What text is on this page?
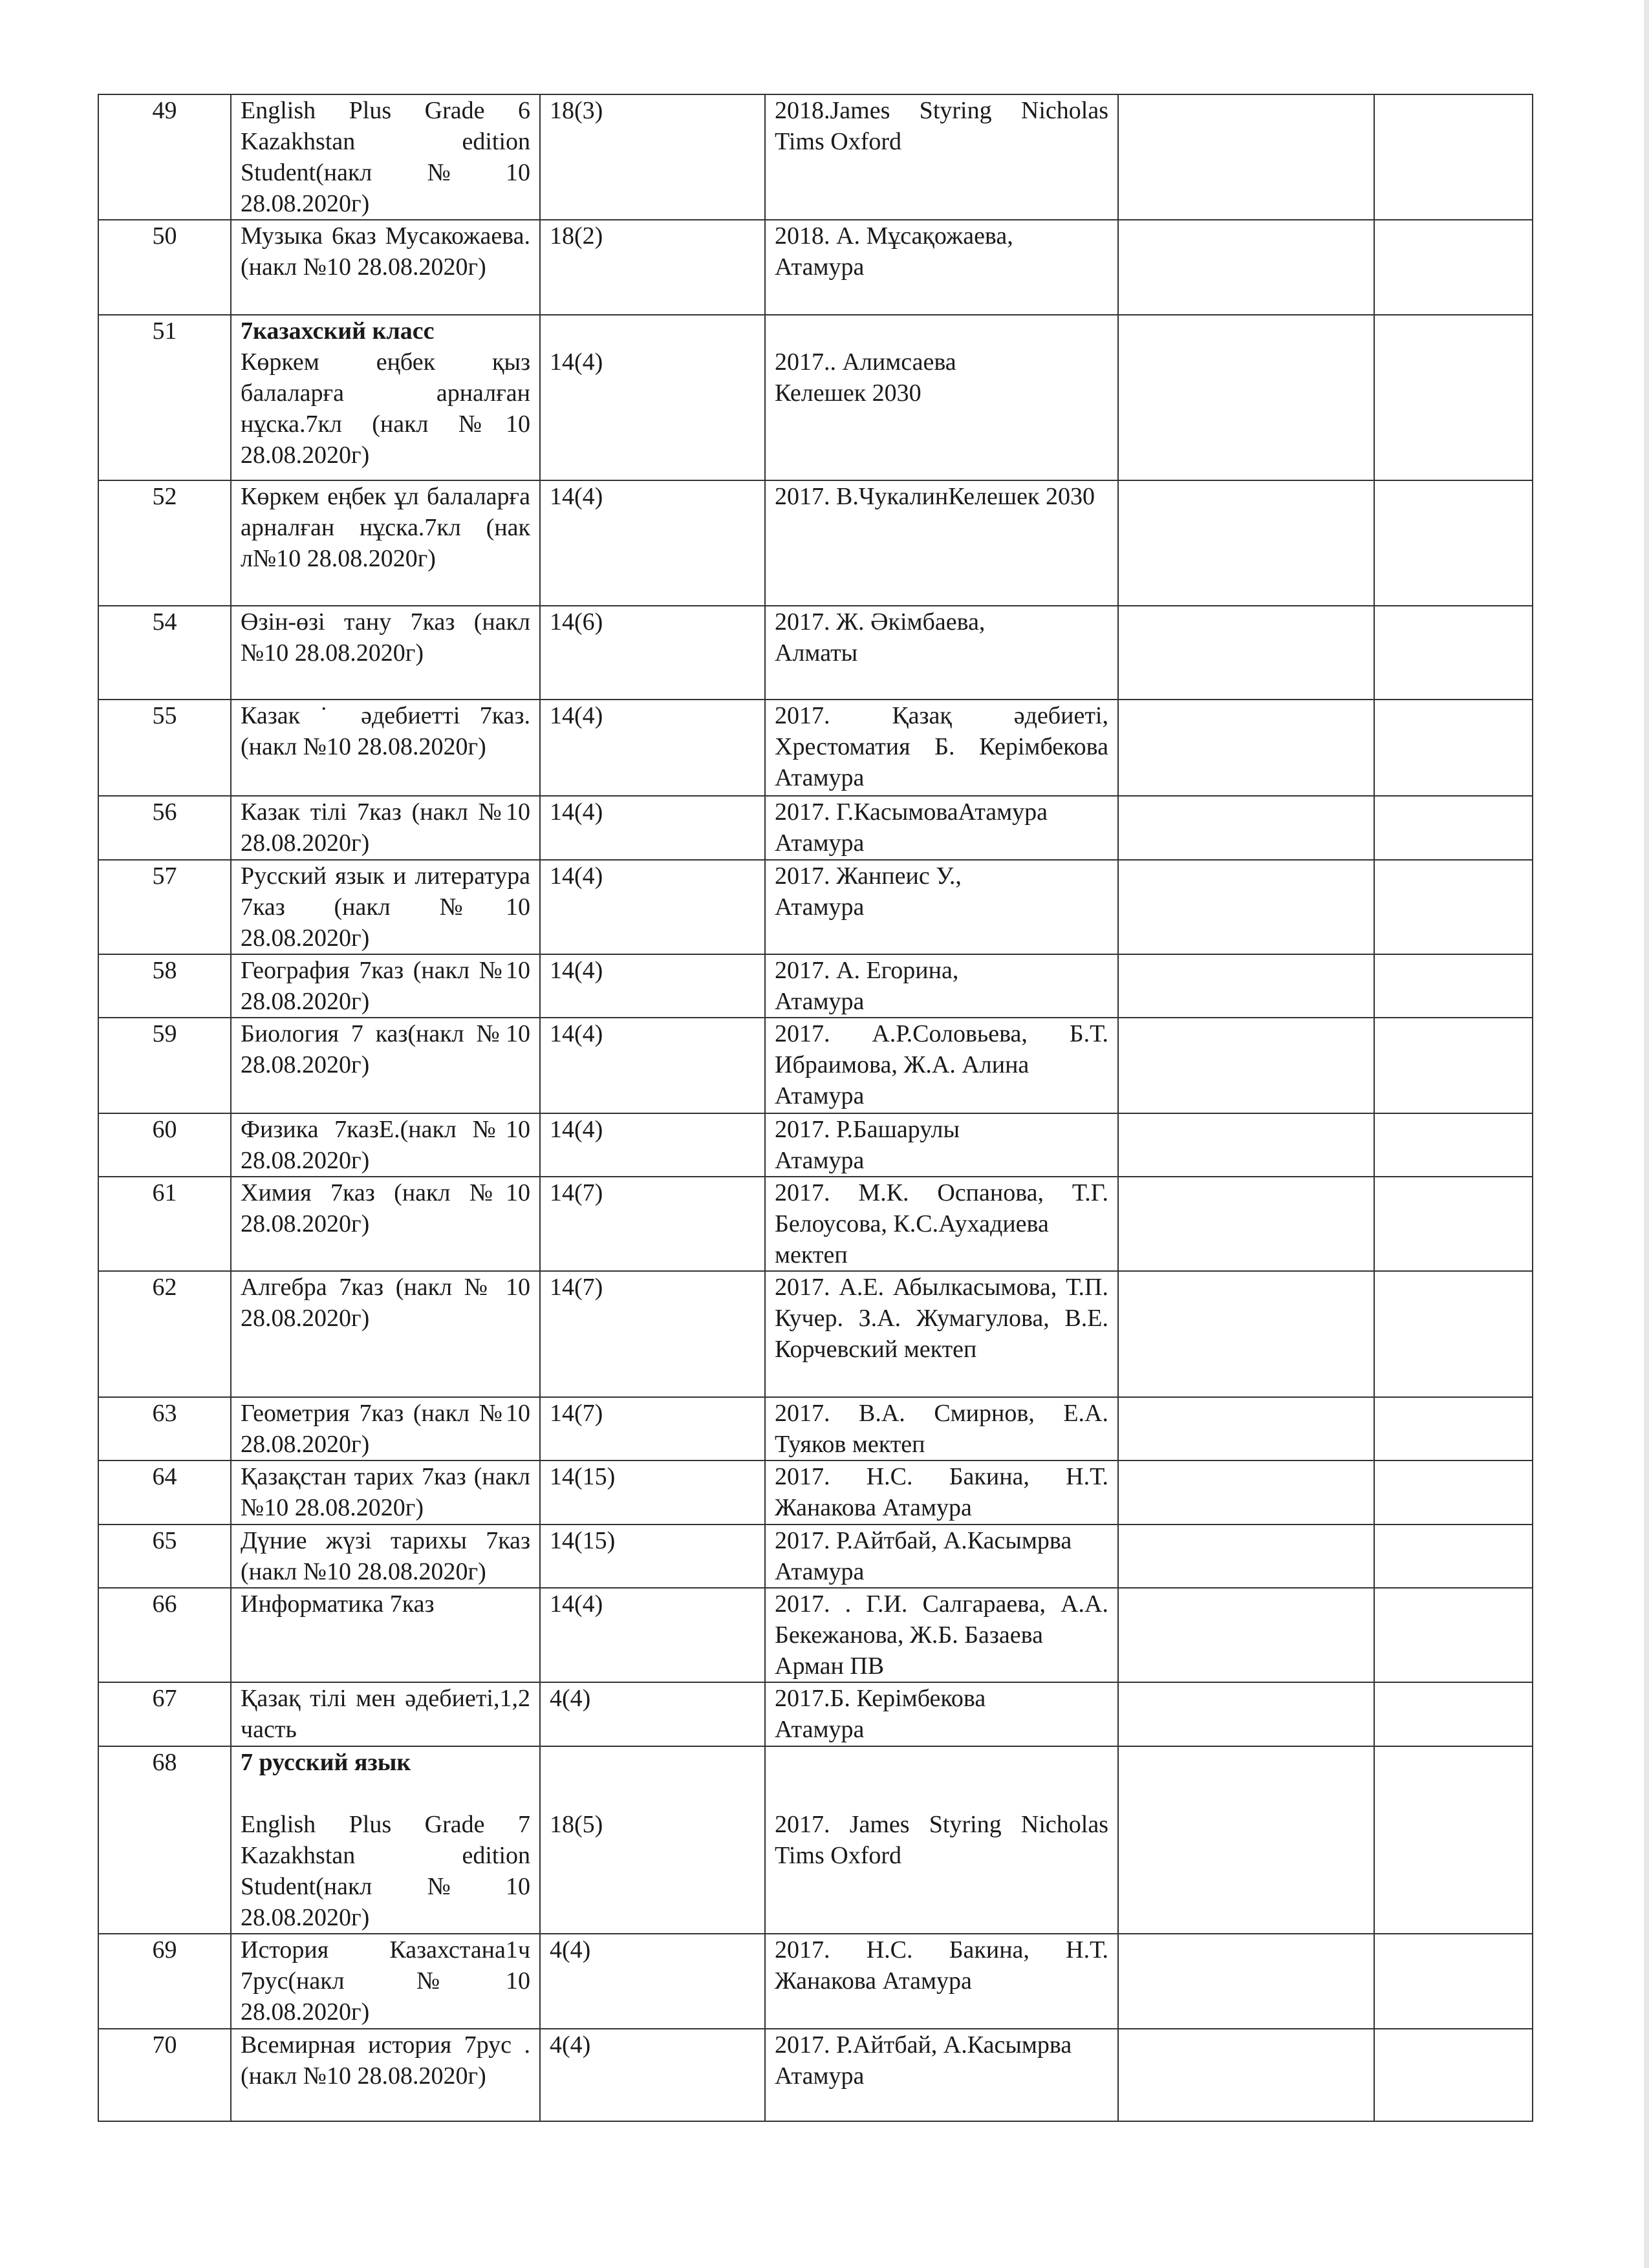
49	English Plus Grade 6 Kazakhstan edition Student(накл№10 28.08.2020г)	18(3)	2018.James Styring Nicholas Tims Oxford		

50	Музыка 6каз Мусакожаева. (накл №10 28.08.2020г)	18(2)	2018. А. Мұсақожаева,
Атамура		

51	7казахский класс
Көркем еңбек қыз балаларға арналған нұска.7кл (накл №10 28.08.2020г)	14(4)	2017.. Алимсаева
Келешек 2030		

52	Көркем еңбек ұл балаларға арналған нұска.7кл (нак л№10 28.08.2020г)	14(4)	2017. В.ЧукалинКелешек 2030		

54	Өзін-өзі тану 7каз (накл №10 28.08.2020г)	14(6)	2017. Ж. Әкімбаева,
Алматы		

55	Казак ˙ әдебиетті 7каз.(накл №10 28.08.2020г)	14(4)	2017. Қазақ әдебиеті, Хрестоматия Б. Керімбекова Атамура		

56	Казак тілі 7каз (накл №10 28.08.2020г)	14(4)	2017. Г.КасымоваАтамура
Атамура		

57	Русский язык и литература 7каз (накл №10 28.08.2020г)	14(4)	2017. Жанпеис У.,
Атамура		

58	География 7каз (накл №10 28.08.2020г)	14(4)	2017. А. Егорина,
Атамура		

59	Биология 7 каз(накл №10 28.08.2020г)	14(4)	2017. А.Р.Соловьева, Б.Т. Ибраимова, Ж.А. Алина
Атамура		

60	Физика 7казЕ.(накл №10 28.08.2020г)	14(4)	2017. Р.Башарулы
Атамура		

61	Химия 7каз (накл №10 28.08.2020г)	14(7)	2017. М.К. Оспанова, Т.Г. Белоусова, К.С.Аухадиева
мектеп		

62	Алгебра 7каз (накл № 10 28.08.2020г)	14(7)	2017. А.Е. Абылкасымова, Т.П. Кучер. З.А. Жумагулова, В.Е. Корчевский мектеп		

63	Геометрия 7каз (накл №10 28.08.2020г)	14(7)	2017. В.А. Смирнов, Е.А. Туяков мектеп		

64	Қазақстан тарих 7каз (накл №10 28.08.2020г)	14(15)	2017. Н.С. Бакина, Н.Т. Жанакова Атамура		

65	Дүние жүзі тарихы 7каз (накл №10 28.08.2020г)	14(15)	2017. Р.Айтбай, А.Касымрва
Атамура		

66	Информатика 7каз	14(4)	2017. . Г.И. Салгараева, А.А. Бекежанова, Ж.Б. Базаева
Арман ПВ		

67	Қазақ тілі мен әдебиеті,1,2 часть	4(4)	2017.Б. Керімбекова
Атамура		

68	7 русский язык
English Plus Grade 7 Kazakhstan edition Student(накл№10 28.08.2020г)	18(5)	2017. James Styring Nicholas Tims Oxford		

69	История Казахстана1ч 7рус(накл №10 28.08.2020г)	4(4)	2017. Н.С. Бакина, Н.Т. Жанакова Атамура		

70	Всемирная история 7рус . (накл №10 28.08.2020г)	4(4)	2017. Р.Айтбай, А.Касымрва
Атамура		
